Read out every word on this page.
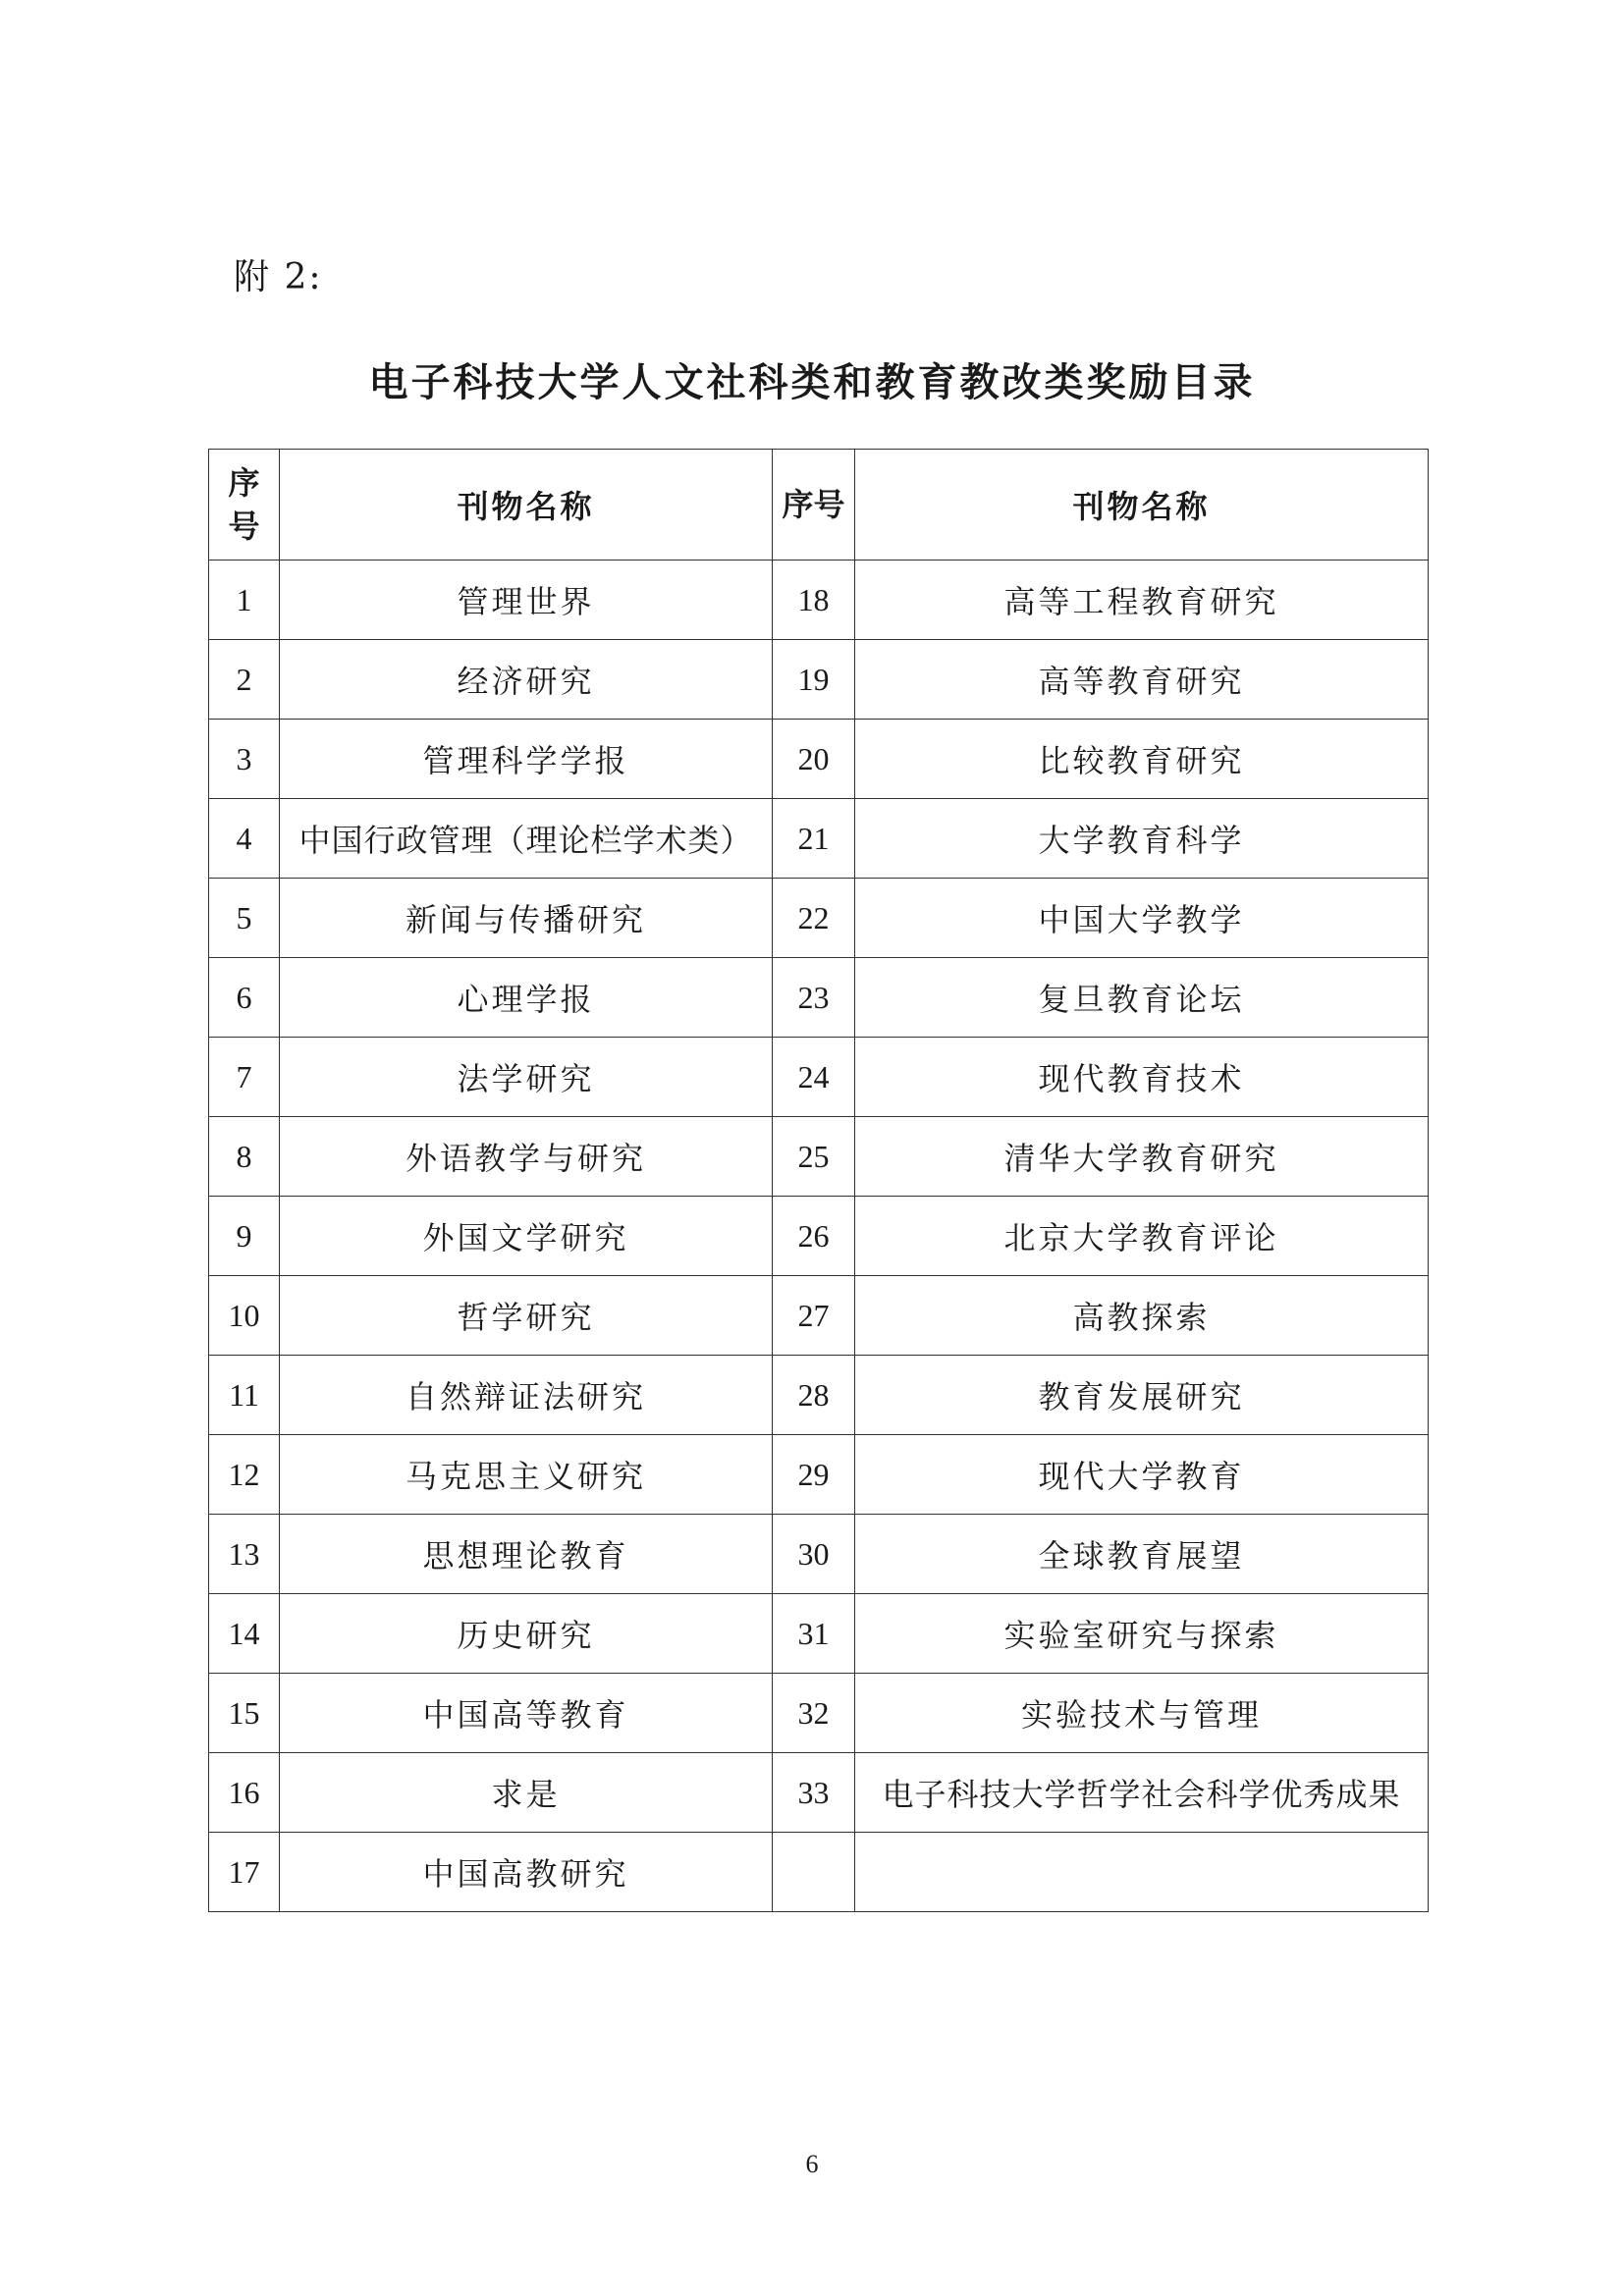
附 2:
电子科技大学人文社科类和教育教改类奖励目录
序号	刊物名称	序号	刊物名称
1	管理世界	18	高等工程教育研究
2	经济研究	19	高等教育研究
3	管理科学学报	20	比较教育研究
4	中国行政管理（理论栏学术类）	21	大学教育科学
5	新闻与传播研究	22	中国大学教学
6	心理学报	23	复旦教育论坛
7	法学研究	24	现代教育技术
8	外语教学与研究	25	清华大学教育研究
9	外国文学研究	26	北京大学教育评论
10	哲学研究	27	高教探索
11	自然辩证法研究	28	教育发展研究
12	马克思主义研究	29	现代大学教育
13	思想理论教育	30	全球教育展望
14	历史研究	31	实验室研究与探索
15	中国高等教育	32	实验技术与管理
16	求是	33	电子科技大学哲学社会科学优秀成果
17	中国高教研究		
6
